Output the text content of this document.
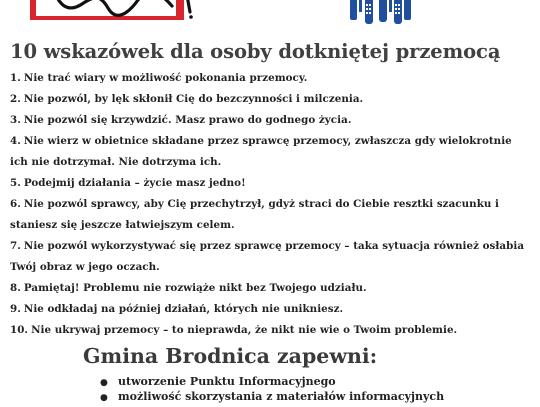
10 wskazówek dla osoby dotkniętej przemocą
1. Nie trać wiary w możliwość pokonania przemocy.
2. Nie pozwól, by lęk skłonił Cię do bezczynności i milczenia.
3. Nie pozwól się krzywdzić. Masz prawo do godnego życia.
4. Nie wierz w obietnice składane przez sprawcę przemocy, zwłaszcza gdy wielokrotnie ich nie dotrzymał. Nie dotrzyma ich.
5. Podejmij działania – życie masz jedno!
6. Nie pozwól sprawcy, aby Cię przechytrzył, gdyż straci do Ciebie resztki szacunku i staniesz się jeszcze łatwiejszym celem.
7. Nie pozwól wykorzystywać się przez sprawcę przemocy – taka sytuacja również osłabia Twój obraz w jego oczach.
8. Pamiętaj! Problemu nie rozwiąże nikt bez Twojego udziału.
9. Nie odkładaj na później działań, których nie unikniesz.
10. Nie ukrywaj przemocy – to nieprawda, że nikt nie wie o Twoim problemie.
Gmina Brodnica zapewni:
● utworzenie Punktu Informacyjnego
● możliwość skorzystania z materiałów informacyjnych
